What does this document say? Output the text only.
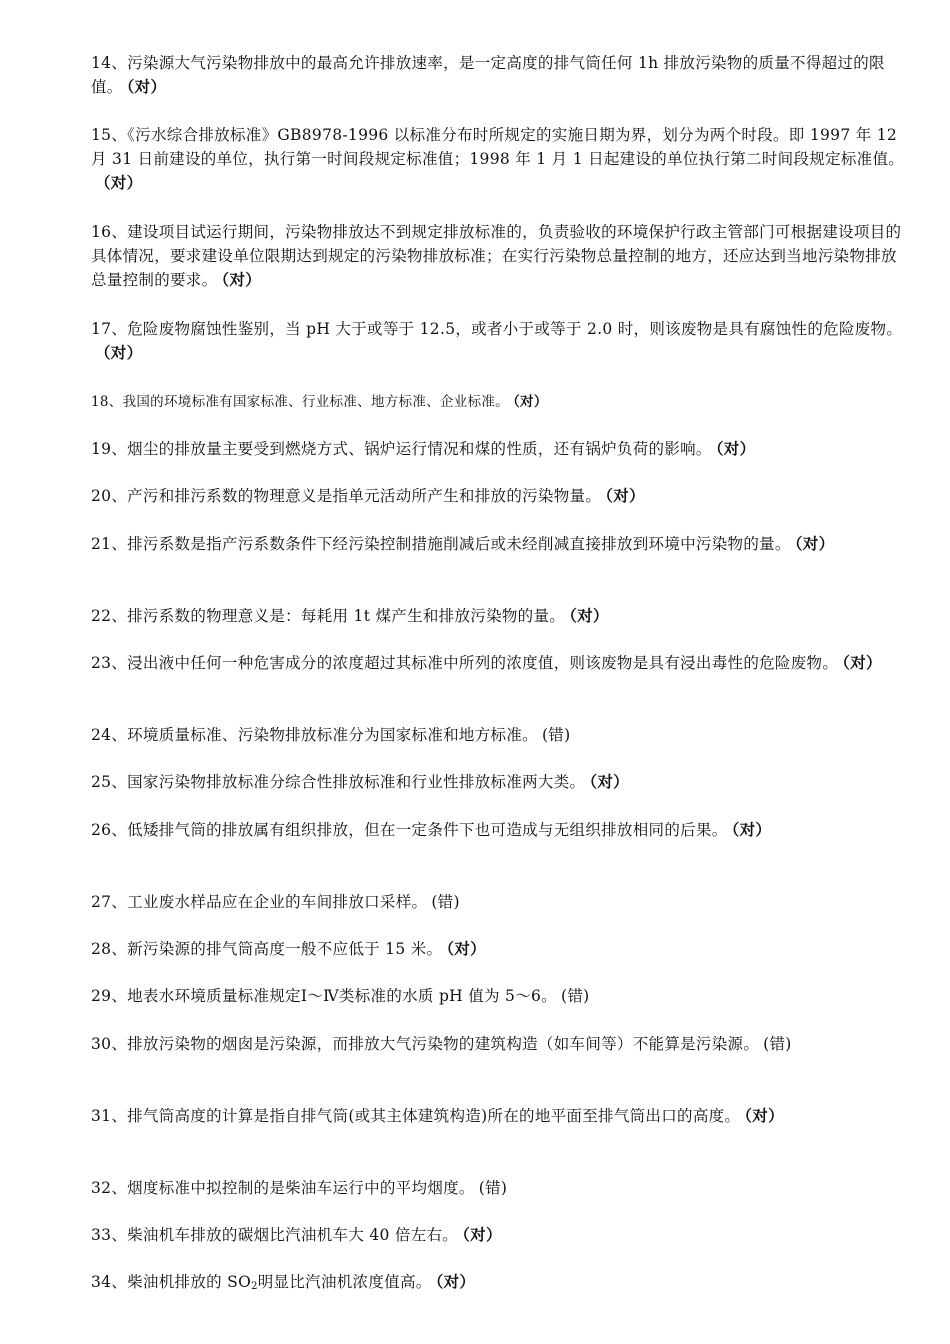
14、污染源大气污染物排放中的最高允许排放速率，是一定高度的排气筒任何 1h 排放污染物的质量不得超过的限值。 （对）
15、《污水综合排放标准》GB8978-1996 以标准分布时所规定的实施日期为界，划分为两个时段。即 1997 年 12 月 31 日前建设的单位，执行第一时间段规定标准值；1998 年 1 月 1 日起建设的单位执行第二时间段规定标准值。（对）
16、建设项目试运行期间，污染物排放达不到规定排放标准的，负责验收的环境保护行政主管部门可根据建设项目的具体情况，要求建设单位限期达到规定的污染物排放标准；在实行污染物总量控制的地方，还应达到当地污染物排放总量控制的要求。 （对）
17、危险废物腐蚀性鉴别，当 pH 大于或等于 12.5，或者小于或等于 2.0 时，则该废物是具有腐蚀性的危险废物。（对）
18、我国的环境标准有国家标准、行业标准、地方标准、企业标准。 （对）
19、烟尘的排放量主要受到燃烧方式、锅炉运行情况和煤的性质，还有锅炉负荷的影响。 （对）
20、产污和排污系数的物理意义是指单元活动所产生和排放的污染物量。 （对）
21、排污系数是指产污系数条件下经污染控制措施削减后或未经削减直接排放到环境中污染物的量。 （对）
22、排污系数的物理意义是：每耗用 1t 煤产生和排放污染物的量。 （对）
23、浸出液中任何一种危害成分的浓度超过其标准中所列的浓度值，则该废物是具有浸出毒性的危险废物。 （对）
24、环境质量标准、污染物排放标准分为国家标准和地方标准。 (错)
25、国家污染物排放标准分综合性排放标准和行业性排放标准两大类。 （对）
26、低矮排气筒的排放属有组织排放，但在一定条件下也可造成与无组织排放相同的后果。 （对）
27、工业废水样品应在企业的车间排放口采样。 (错)
28、新污染源的排气筒高度一般不应低于 15 米。 （对）
29、地表水环境质量标准规定Ⅰ～Ⅳ类标准的水质 pH 值为 5～6。 (错)
30、排放污染物的烟囱是污染源，而排放大气污染物的建筑构造（如车间等）不能算是污染源。 (错)
31、排气筒高度的计算是指自排气筒(或其主体建筑构造)所在的地平面至排气筒出口的高度。 （对）
32、烟度标准中拟控制的是柴油车运行中的平均烟度。 (错)
33、柴油机车排放的碳烟比汽油机车大 40 倍左右。 （对）
34、柴油机排放的 $SO_2$明显比汽油机浓度值高。 （对）
